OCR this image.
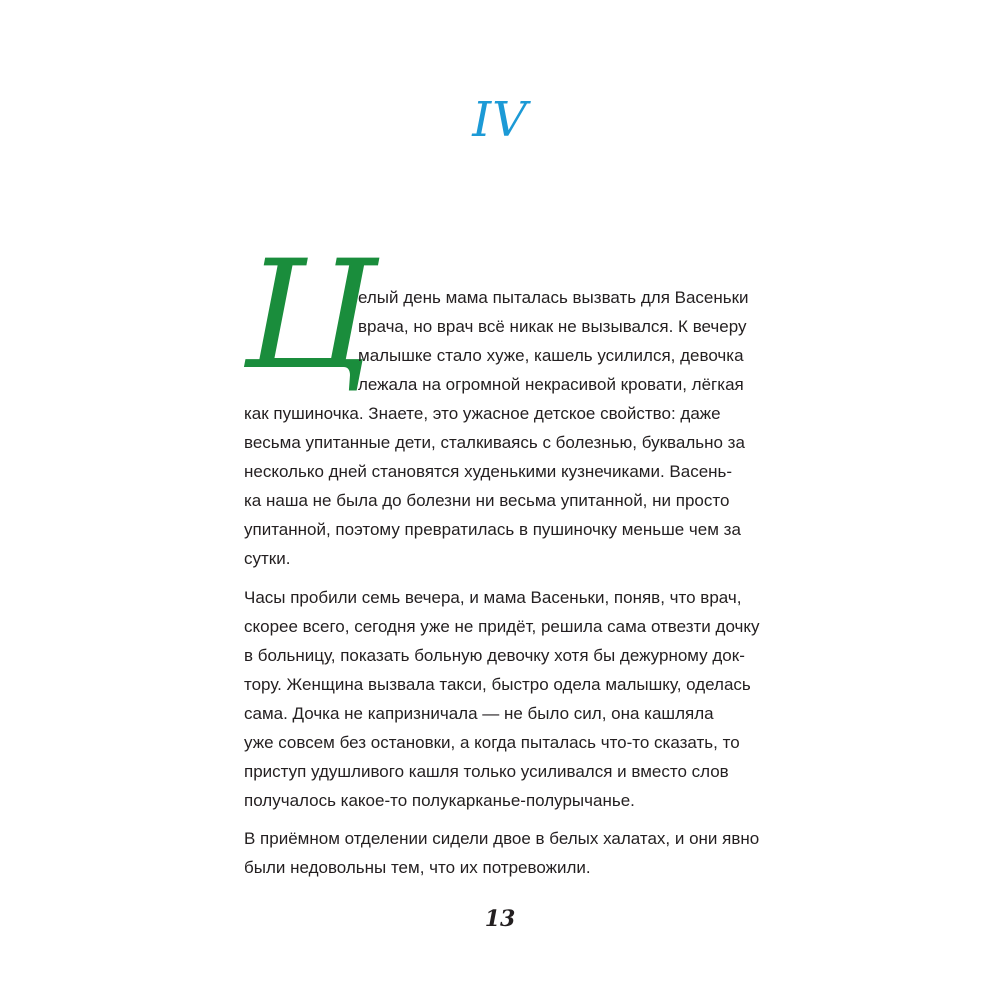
IV
Ц

елый день мама пыталась вызвать для Васеньки
врача, но врач всё никак не вызывался. К вечеру
малышке стало хуже, кашель усилился, девочка
лежала на огромной некрасивой кровати, лёгкая
как пушиночка. Знаете, это ужасное детское свойство: даже
весьма упитанные дети, сталкиваясь с болезнью, буквально за
несколько дней становятся худенькими кузнечиками. Васень-
ка наша не была до болезни ни весьма упитанной, ни просто
упитанной, поэтому превратилась в пушиночку меньше чем за
сутки.

Часы пробили семь вечера, и мама Васеньки, поняв, что врач,
скорее всего, сегодня уже не придёт, решила сама отвезти дочку
в больницу, показать больную девочку хотя бы дежурному док-
тору. Женщина вызвала такси, быстро одела малышку, оделась
сама. Дочка не капризничала — не было сил, она кашляла
уже совсем без остановки, а когда пыталась что-то сказать, то
приступ удушливого кашля только усиливался и вместо слов
получалось какое-то полукарканье-полурычанье.

В приёмном отделении сидели двое в белых халатах, и они явно
были недовольны тем, что их потревожили.

13
